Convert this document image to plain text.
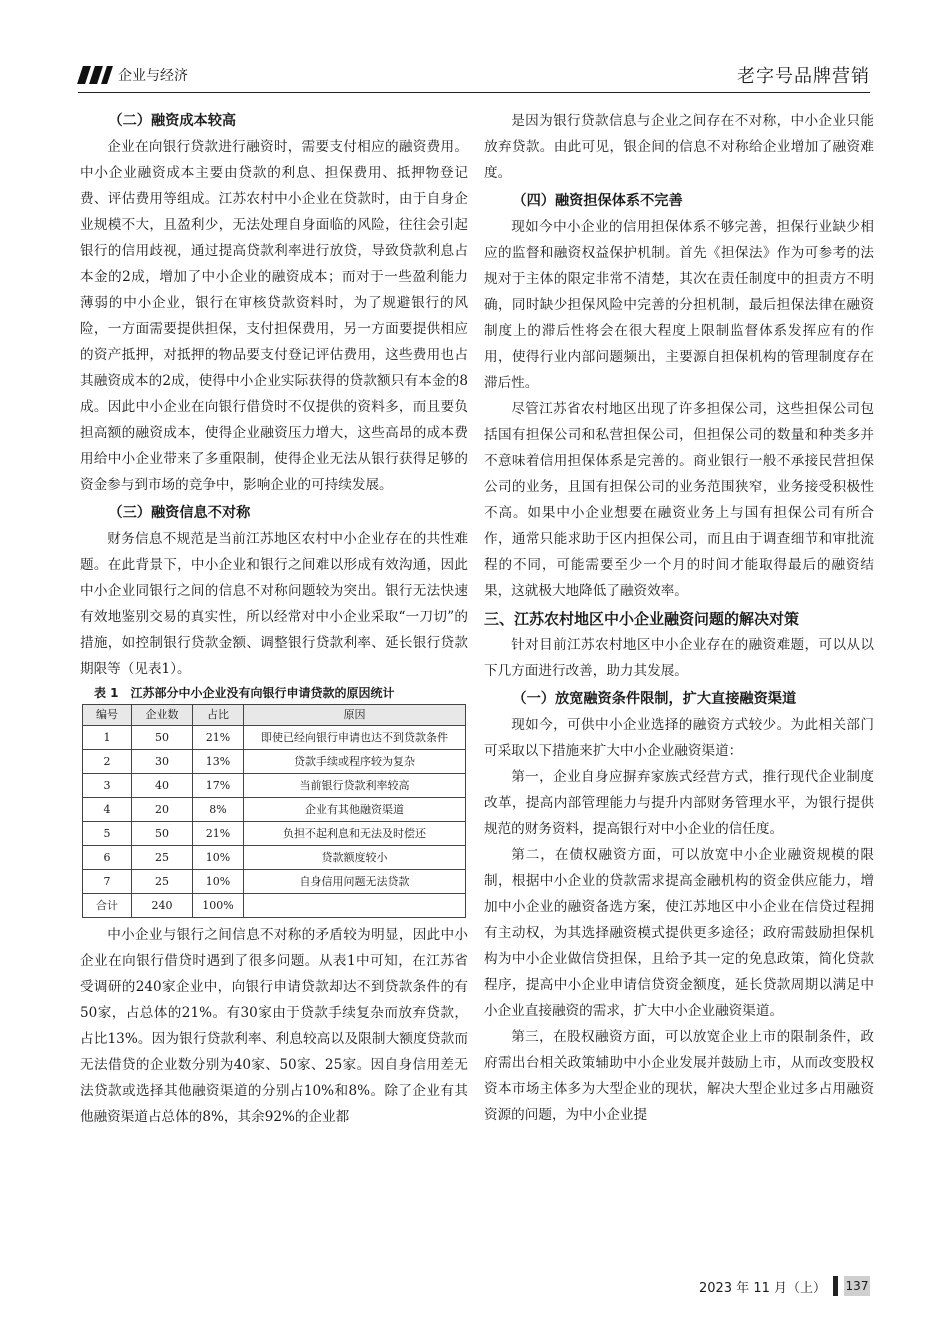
企业与经济	老字号品牌营销
（二）融资成本较高

企业在向银行贷款进行融资时，需要支付相应的融资费用。中小企业融资成本主要由贷款的利息、担保费用、抵押物登记费、评估费用等组成。江苏农村中小企业在贷款时，由于自身企业规模不大，且盈利少，无法处理自身面临的风险，往往会引起银行的信用歧视，通过提高贷款利率进行放贷，导致贷款利息占本金的2成，增加了中小企业的融资成本；而对于一些盈利能力薄弱的中小企业，银行在审核贷款资料时，为了规避银行的风险，一方面需要提供担保，支付担保费用，另一方面要提供相应的资产抵押，对抵押的物品要支付登记评估费用，这些费用也占其融资成本的2成，使得中小企业实际获得的贷款额只有本金的8成。因此中小企业在向银行借贷时不仅提供的资料多，而且要负担高额的融资成本，使得企业融资压力增大，这些高昂的成本费用给中小企业带来了多重限制，使得企业无法从银行获得足够的资金参与到市场的竞争中，影响企业的可持续发展。

（三）融资信息不对称

财务信息不规范是当前江苏地区农村中小企业存在的共性难题。在此背景下，中小企业和银行之间难以形成有效沟通，因此中小企业同银行之间的信息不对称问题较为突出。银行无法快速有效地鉴别交易的真实性，所以经常对中小企业采取“一刀切”的措施，如控制银行贷款金额、调整银行贷款利率、延长银行贷款期限等（见表1）。

表 1　江苏部分中小企业没有向银行申请贷款的原因统计
编号	企业数	占比	原因
1	50	21%	即使已经向银行申请也达不到贷款条件
2	30	13%	贷款手续或程序较为复杂
3	40	17%	当前银行贷款利率较高
4	20	8%	企业有其他融资渠道
5	50	21%	负担不起利息和无法及时偿还
6	25	10%	贷款额度较小
7	25	10%	自身信用问题无法贷款
合计	240	100%	

中小企业与银行之间信息不对称的矛盾较为明显，因此中小企业在向银行借贷时遇到了很多问题。从表1中可知，在江苏省受调研的240家企业中，向银行申请贷款却达不到贷款条件的有50家，占总体的21%。有30家由于贷款手续复杂而放弃贷款，占比13%。因为银行贷款利率、利息较高以及限制大额度贷款而无法借贷的企业数分别为40家、50家、25家。因自身信用差无法贷款或选择其他融资渠道的分别占10%和8%。除了企业有其他融资渠道占总体的8%，其余92%的企业都

是因为银行贷款信息与企业之间存在不对称，中小企业只能放弃贷款。由此可见，银企间的信息不对称给企业增加了融资难度。

（四）融资担保体系不完善

现如今中小企业的信用担保体系不够完善，担保行业缺少相应的监督和融资权益保护机制。首先《担保法》作为可参考的法规对于主体的限定非常不清楚，其次在责任制度中的担责方不明确，同时缺少担保风险中完善的分担机制，最后担保法律在融资制度上的滞后性将会在很大程度上限制监督体系发挥应有的作用，使得行业内部问题频出，主要源自担保机构的管理制度存在滞后性。

尽管江苏省农村地区出现了许多担保公司，这些担保公司包括国有担保公司和私营担保公司，但担保公司的数量和种类多并不意味着信用担保体系是完善的。商业银行一般不承接民营担保公司的业务，且国有担保公司的业务范围狭窄，业务接受积极性不高。如果中小企业想要在融资业务上与国有担保公司有所合作，通常只能求助于区内担保公司，而且由于调查细节和审批流程的不同，可能需要至少一个月的时间才能取得最后的融资结果，这就极大地降低了融资效率。

三、江苏农村地区中小企业融资问题的解决对策

针对目前江苏农村地区中小企业存在的融资难题，可以从以下几方面进行改善，助力其发展。

（一）放宽融资条件限制，扩大直接融资渠道

现如今，可供中小企业选择的融资方式较少。为此相关部门可采取以下措施来扩大中小企业融资渠道：

第一，企业自身应摒弃家族式经营方式，推行现代企业制度改革，提高内部管理能力与提升内部财务管理水平，为银行提供规范的财务资料，提高银行对中小企业的信任度。

第二，在债权融资方面，可以放宽中小企业融资规模的限制，根据中小企业的贷款需求提高金融机构的资金供应能力，增加中小企业的融资备选方案，使江苏地区中小企业在信贷过程拥有主动权，为其选择融资模式提供更多途径；政府需鼓励担保机构为中小企业做信贷担保，且给予其一定的免息政策，简化贷款程序，提高中小企业申请信贷资金额度，延长贷款周期以满足中小企业直接融资的需求，扩大中小企业融资渠道。

第三，在股权融资方面，可以放宽企业上市的限制条件，政府需出台相关政策辅助中小企业发展并鼓励上市，从而改变股权资本市场主体多为大型企业的现状，解决大型企业过多占用融资资源的问题，为中小企业提

2023 年 11 月（上） 137
